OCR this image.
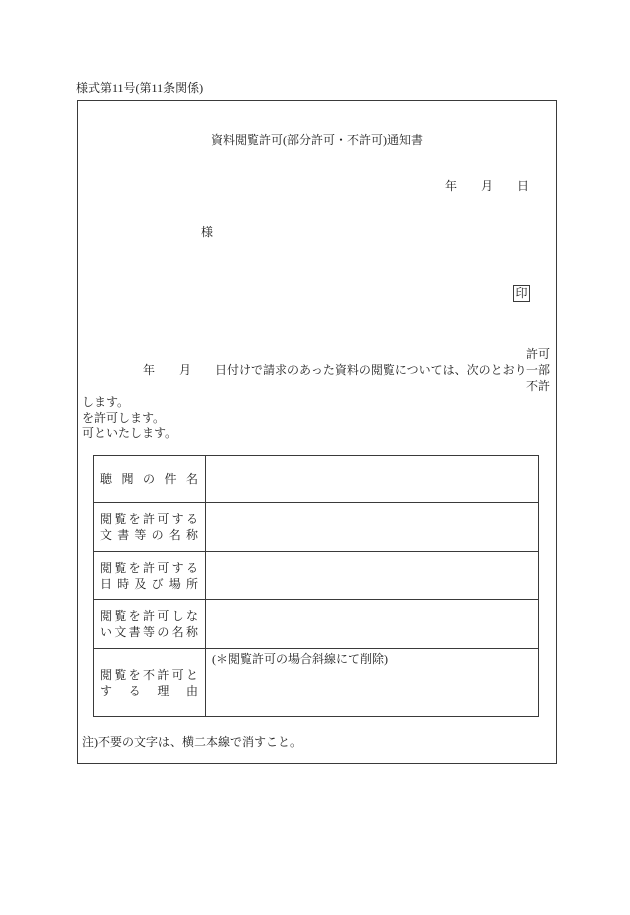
様式第11号(第11条関係)
資料閲覧許可(部分許可・不許可)通知書
年　　月　　日
様
印
許可
年　　月　　日付けで請求のあった資料の閲覧については、次のとおり 一部
不許
します。
を許可します。
可といたします。
聴 聞 の 件 名
閲 覧 を 許 可 す る
文 書 等 の 名 称
閲 覧 を 許 可 す る
日 時 及 び 場 所
閲 覧 を 許 可 し な
い 文 書 等 の 名 称
閲 覧 を 不 許 可 と
す る 理 由
(＊閲覧許可の場合斜線にて削除)
注)不要の文字は、横二本線で消すこと。
